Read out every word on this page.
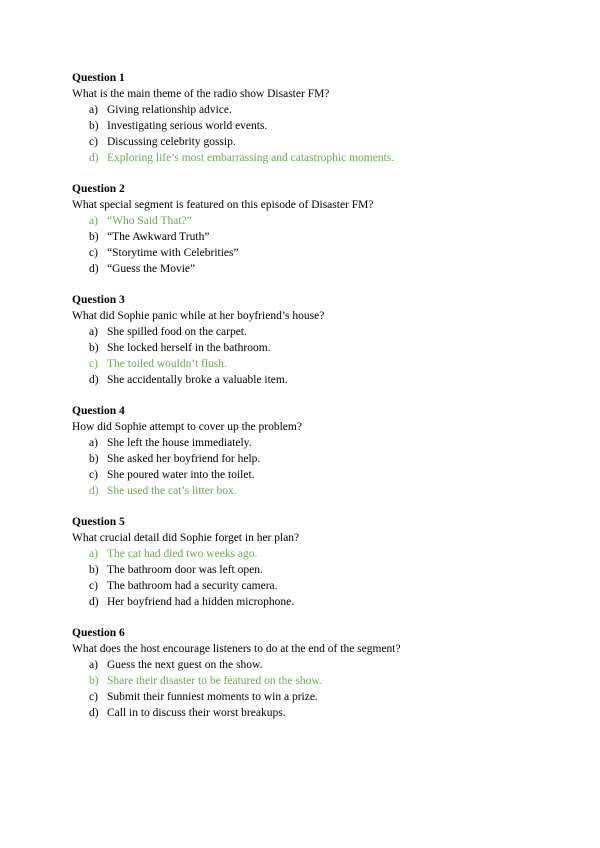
Question 1
What is the main theme of the radio show Disaster FM?
a) Giving relationship advice.
b) Investigating serious world events.
c) Discussing celebrity gossip.
d) Exploring life’s most embarrassing and catastrophic moments.
Question 2
What special segment is featured on this episode of Disaster FM?
a) “Who Said That?”
b) “The Awkward Truth”
c) “Storytime with Celebrities”
d) “Guess the Movie”
Question 3
What did Sophie panic while at her boyfriend’s house?
a) She spilled food on the carpet.
b) She locked herself in the bathroom.
c) The toiled wouldn’t flush.
d) She accidentally broke a valuable item.
Question 4
How did Sophie attempt to cover up the problem?
a) She left the house immediately.
b) She asked her boyfriend for help.
c) She poured water into the toilet.
d) She used the cat’s litter box.
Question 5
What crucial detail did Sophie forget in her plan?
a) The cat had died two weeks ago.
b) The bathroom door was left open.
c) The bathroom had a security camera.
d) Her boyfriend had a hidden microphone.
Question 6
What does the host encourage listeners to do at the end of the segment?
a) Guess the next guest on the show.
b) Share their disaster to be featured on the show.
c) Submit their funniest moments to win a prize.
d) Call in to discuss their worst breakups.
